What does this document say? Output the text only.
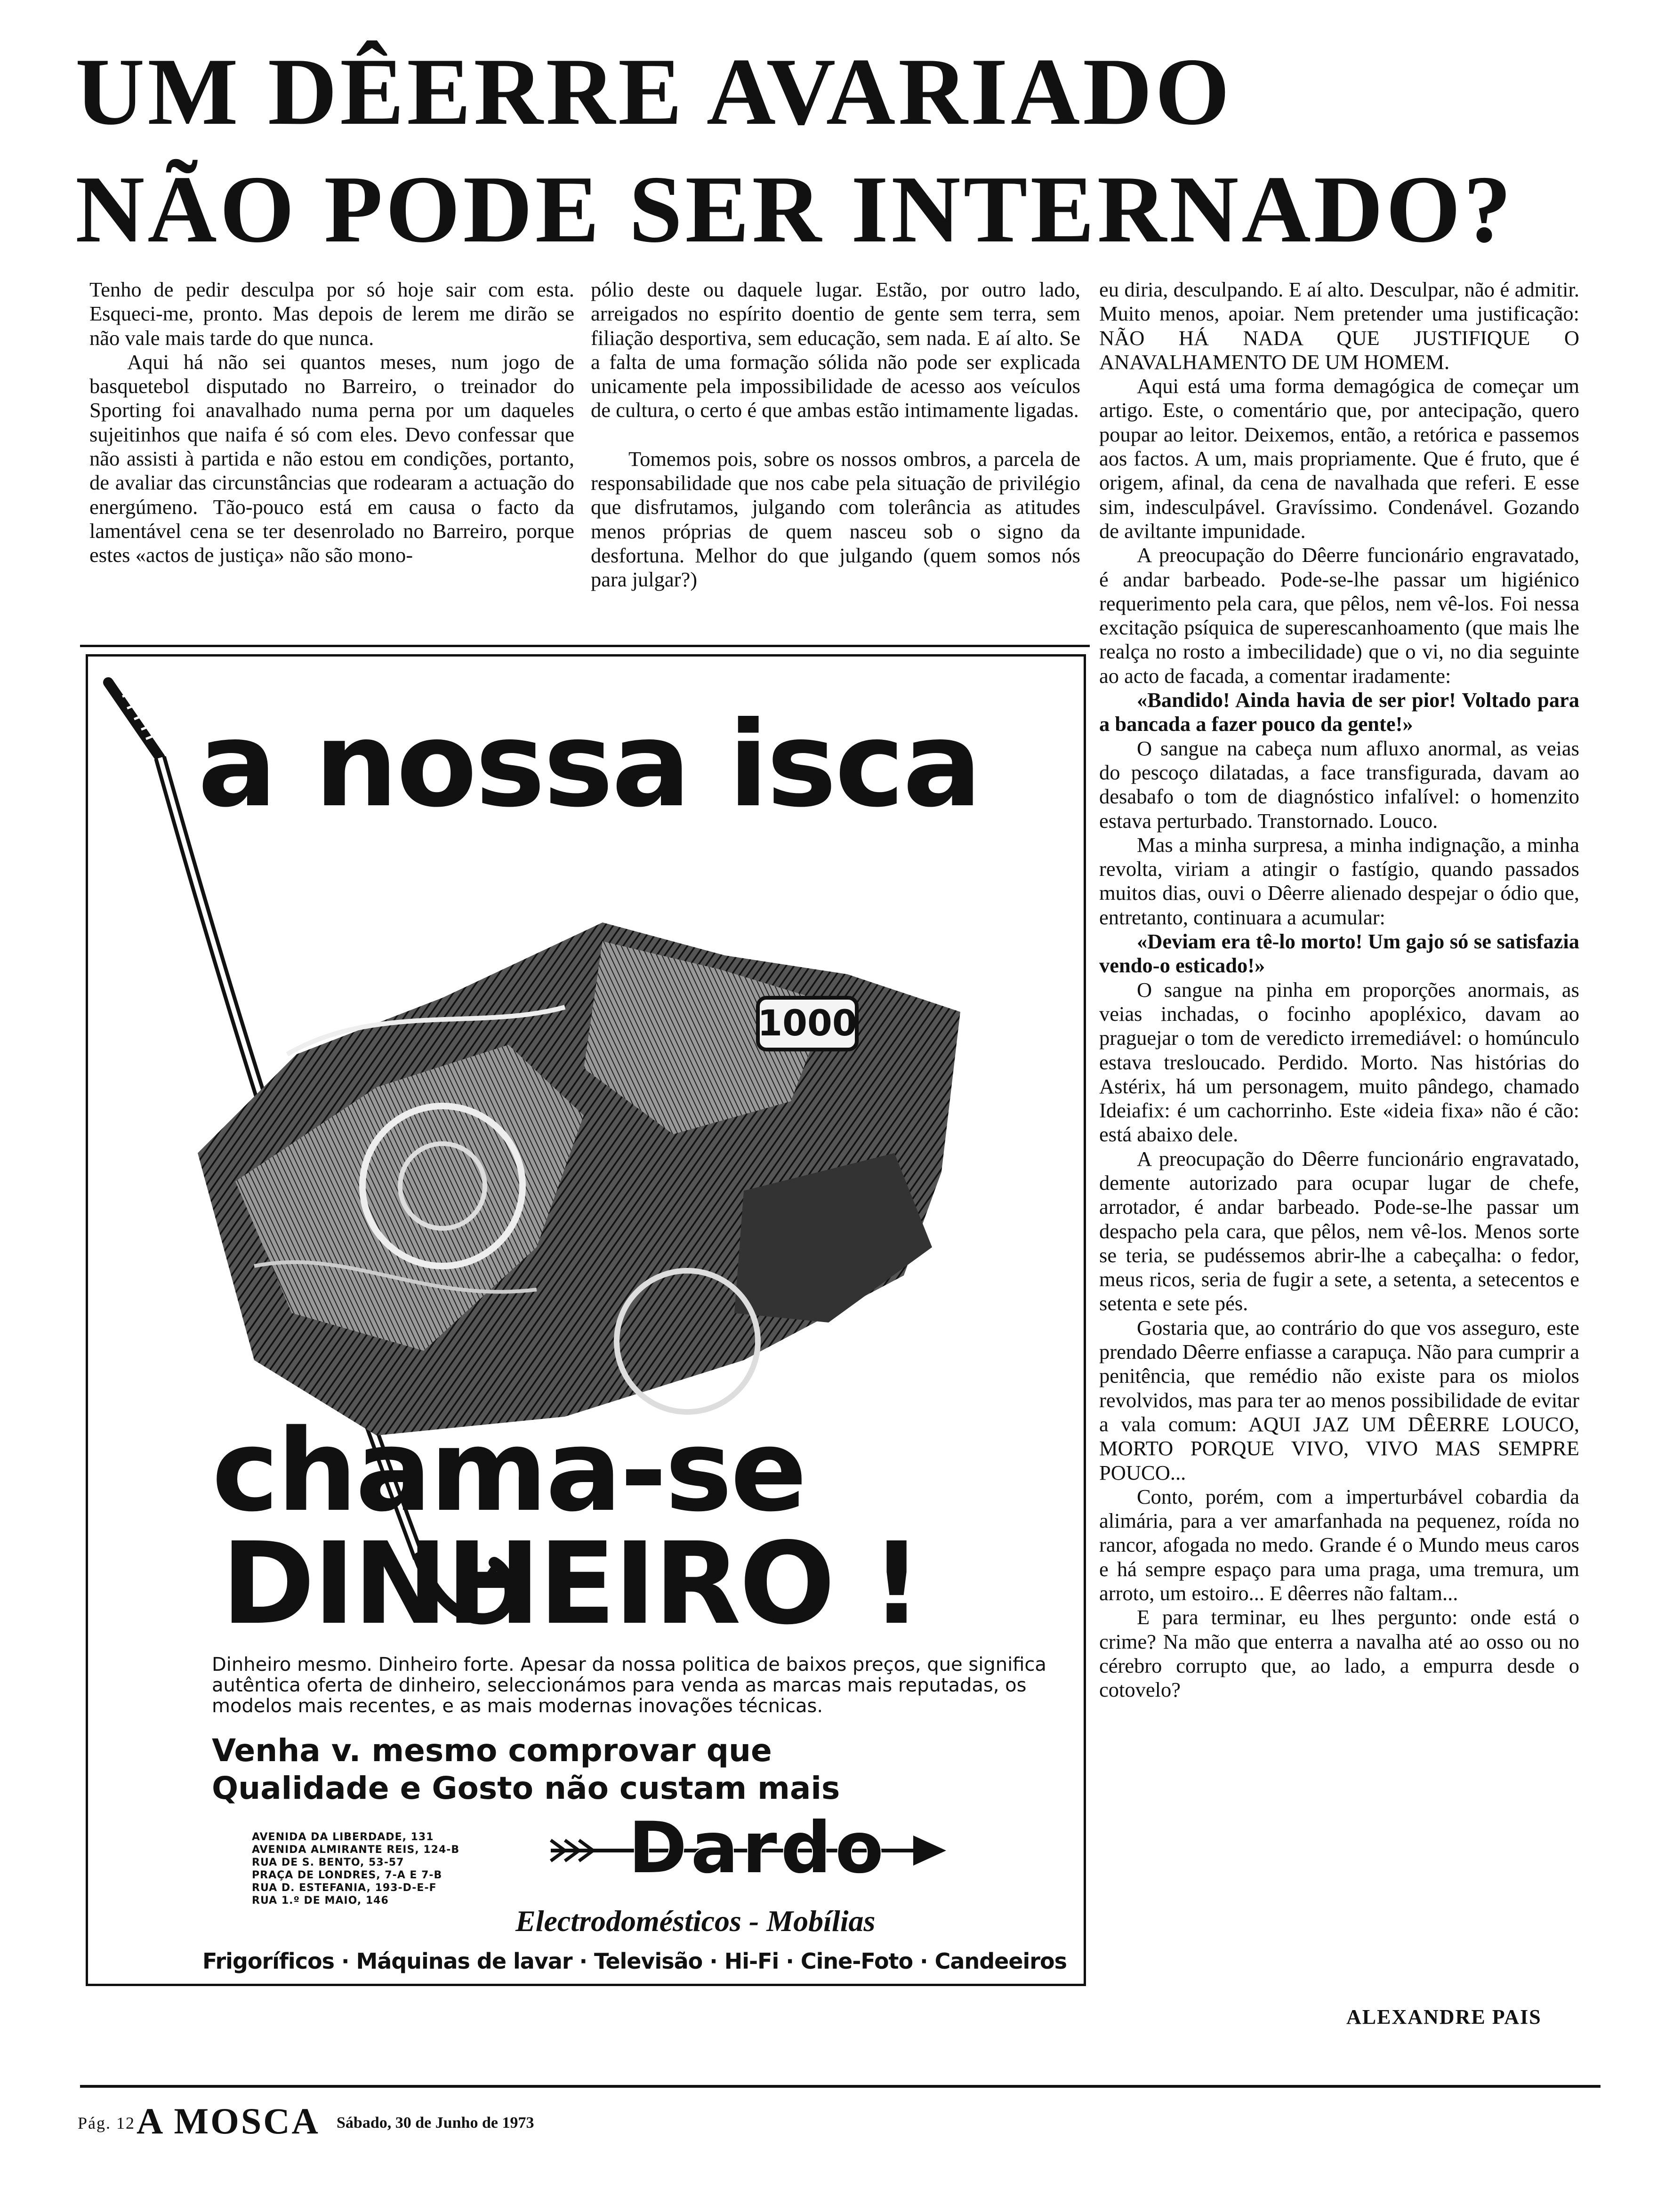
UM DÊERRE AVARIADO
NÃO PODE SER INTERNADO?

Tenho de pedir desculpa por só hoje sair com esta. Esqueci-me, pronto. Mas depois de lerem me dirão se não vale mais tarde do que nunca.

Aqui há não sei quantos meses, num jogo de basquetebol disputado no Barreiro, o treinador do Sporting foi anavalhado numa perna por um daqueles sujeitinhos que naifa é só com eles. Devo confessar que não assisti à partida e não estou em condições, portanto, de avaliar das circunstâncias que rodearam a actuação do energúmeno. Tão-pouco está em causa o facto da lamentável cena se ter desenrolado no Barreiro, porque estes «actos de justiça» não são mono-

pólio deste ou daquele lugar. Estão, por outro lado, arreigados no espírito doentio de gente sem terra, sem filiação desportiva, sem educação, sem nada. E aí alto. Se a falta de uma formação sólida não pode ser explicada unicamente pela impossibilidade de acesso aos veículos de cultura, o certo é que ambas estão intimamente ligadas.

Tomemos pois, sobre os nossos ombros, a parcela de responsabilidade que nos cabe pela situação de privilégio que disfrutamos, julgando com tolerância as atitudes menos próprias de quem nasceu sob o signo da desfortuna. Melhor do que julgando (quem somos nós para julgar?)

eu diria, desculpando. E aí alto. Desculpar, não é admitir. Muito menos, apoiar. Nem pretender uma justificação: NÃO HÁ NADA QUE JUSTIFIQUE O ANAVALHAMENTO DE UM HOMEM.

Aqui está uma forma demagógica de começar um artigo. Este, o comentário que, por antecipação, quero poupar ao leitor. Deixemos, então, a retórica e passemos aos factos. A um, mais propriamente. Que é fruto, que é origem, afinal, da cena de navalhada que referi. E esse sim, indesculpável. Gravíssimo. Condenável. Gozando de aviltante impunidade.

A preocupação do Dêerre funcionário engravatado, é andar barbeado. Pode-se-lhe passar um higiénico requerimento pela cara, que pêlos, nem vê-los. Foi nessa excitação psíquica de superescanhoamento (que mais lhe realça no rosto a imbecilidade) que o vi, no dia seguinte ao acto de facada, a comentar iradamente:

«Bandido! Ainda havia de ser pior! Voltado para a bancada a fazer pouco da gente!»

O sangue na cabeça num afluxo anormal, as veias do pescoço dilatadas, a face transfigurada, davam ao desabafo o tom de diagnóstico infalível: o homenzito estava perturbado. Transtornado. Louco.

Mas a minha surpresa, a minha indignação, a minha revolta, viriam a atingir o fastígio, quando passados muitos dias, ouvi o Dêerre alienado despejar o ódio que, entretanto, continuara a acumular:

«Deviam era tê-lo morto! Um gajo só se satisfazia vendo-o esticado!»

O sangue na pinha em proporções anormais, as veias inchadas, o focinho apopléxico, davam ao praguejar o tom de veredicto irremediável: o homúnculo estava tresloucado. Perdido. Morto. Nas histórias do Astérix, há um personagem, muito pândego, chamado Ideiafix: é um cachorrinho. Este «ideia fixa» não é cão: está abaixo dele.

A preocupação do Dêerre funcionário engravatado, demente autorizado para ocupar lugar de chefe, arrotador, é andar barbeado. Pode-se-lhe passar um despacho pela cara, que pêlos, nem vê-los. Menos sorte se teria, se pudéssemos abrir-lhe a cabeçalha: o fedor, meus ricos, seria de fugir a sete, a setenta, a setecentos e setenta e sete pés.

Gostaria que, ao contrário do que vos asseguro, este prendado Dêerre enfiasse a carapuça. Não para cumprir a penitência, que remédio não existe para os miolos revolvidos, mas para ter ao menos possibilidade de evitar a vala comum: AQUI JAZ UM DÊERRE LOUCO, MORTO PORQUE VIVO, VIVO MAS SEMPRE POUCO...

Conto, porém, com a imperturbável cobardia da alimária, para a ver amarfanhada na pequenez, roída no rancor, afogada no medo. Grande é o Mundo meus caros e há sempre espaço para uma praga, uma tremura, um arroto, um estoiro... E dêerres não faltam...

E para terminar, eu lhes pergunto: onde está o crime? Na mão que enterra a navalha até ao osso ou no cérebro corrupto que, ao lado, a empurra desde o cotovelo?

ALEXANDRE PAIS
1000
a nossa isca
chama-se
DINHEIRO !
Dinheiro mesmo. Dinheiro forte. Apesar da nossa politica de baixos preços, que significa autêntica oferta de dinheiro, seleccionámos para venda as marcas mais reputadas, os modelos mais recentes, e as mais modernas inovações técnicas.
Venha v. mesmo comprovar que
Qualidade e Gosto não custam mais
AVENIDA DA LIBERDADE, 131
AVENIDA ALMIRANTE REIS, 124-B
RUA DE S. BENTO, 53-57
PRAÇA DE LONDRES, 7-A E 7-B
RUA D. ESTEFANIA, 193-D-E-F
RUA 1.º DE MAIO, 146
Dardo
Electrodomésticos - Mobílias
Frigoríficos · Máquinas de lavar · Televisão · Hi-Fi · Cine-Foto · Candeeiros
Pág. 12 A MOSCA Sábado, 30 de Junho de 1973
